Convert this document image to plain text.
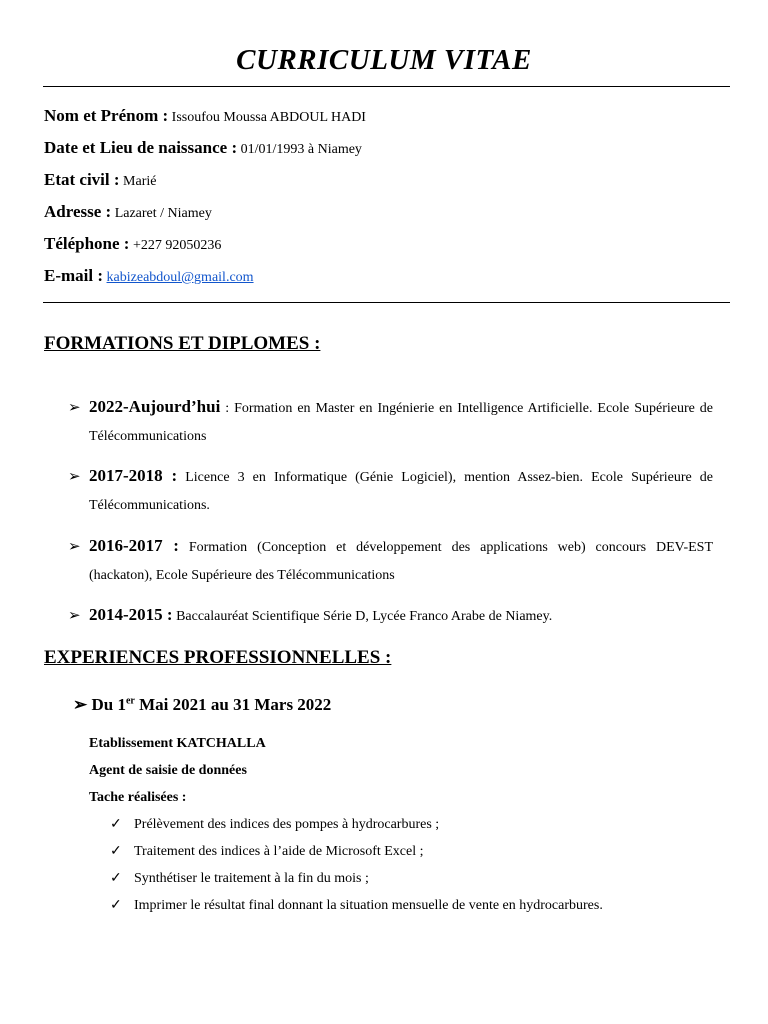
CURRICULUM VITAE
Nom et Prénom : Issoufou Moussa ABDOUL HADI
Date et Lieu de naissance : 01/01/1993 à Niamey
Etat civil : Marié
Adresse : Lazaret / Niamey
Téléphone : +227 92050236
E-mail : kabizeabdoul@gmail.com
FORMATIONS ET DIPLOMES :
➢ 2022-Aujourd’hui : Formation en Master en Ingénierie en Intelligence Artificielle. Ecole Supérieure de Télécommunications

➢ 2017-2018 : Licence 3 en Informatique (Génie Logiciel), mention Assez-bien. Ecole Supérieure de Télécommunications.

➢ 2016-2017 : Formation (Conception et développement des applications web) concours DEV-EST (hackaton), Ecole Supérieure des Télécommunications

➢ 2014-2015 : Baccalauréat Scientifique Série D, Lycée Franco Arabe de Niamey.

EXPERIENCES PROFESSIONNELLES :
➢ Du 1er Mai 2021 au 31 Mars 2022
Etablissement KATCHALLA
Agent de saisie de données
Tache réalisées :
✓ Prélèvement des indices des pompes à hydrocarbures ;
✓ Traitement des indices à l’aide de Microsoft Excel ;
✓ Synthétiser le traitement à la fin du mois ;
✓ Imprimer le résultat final donnant la situation mensuelle de vente en hydrocarbures.
